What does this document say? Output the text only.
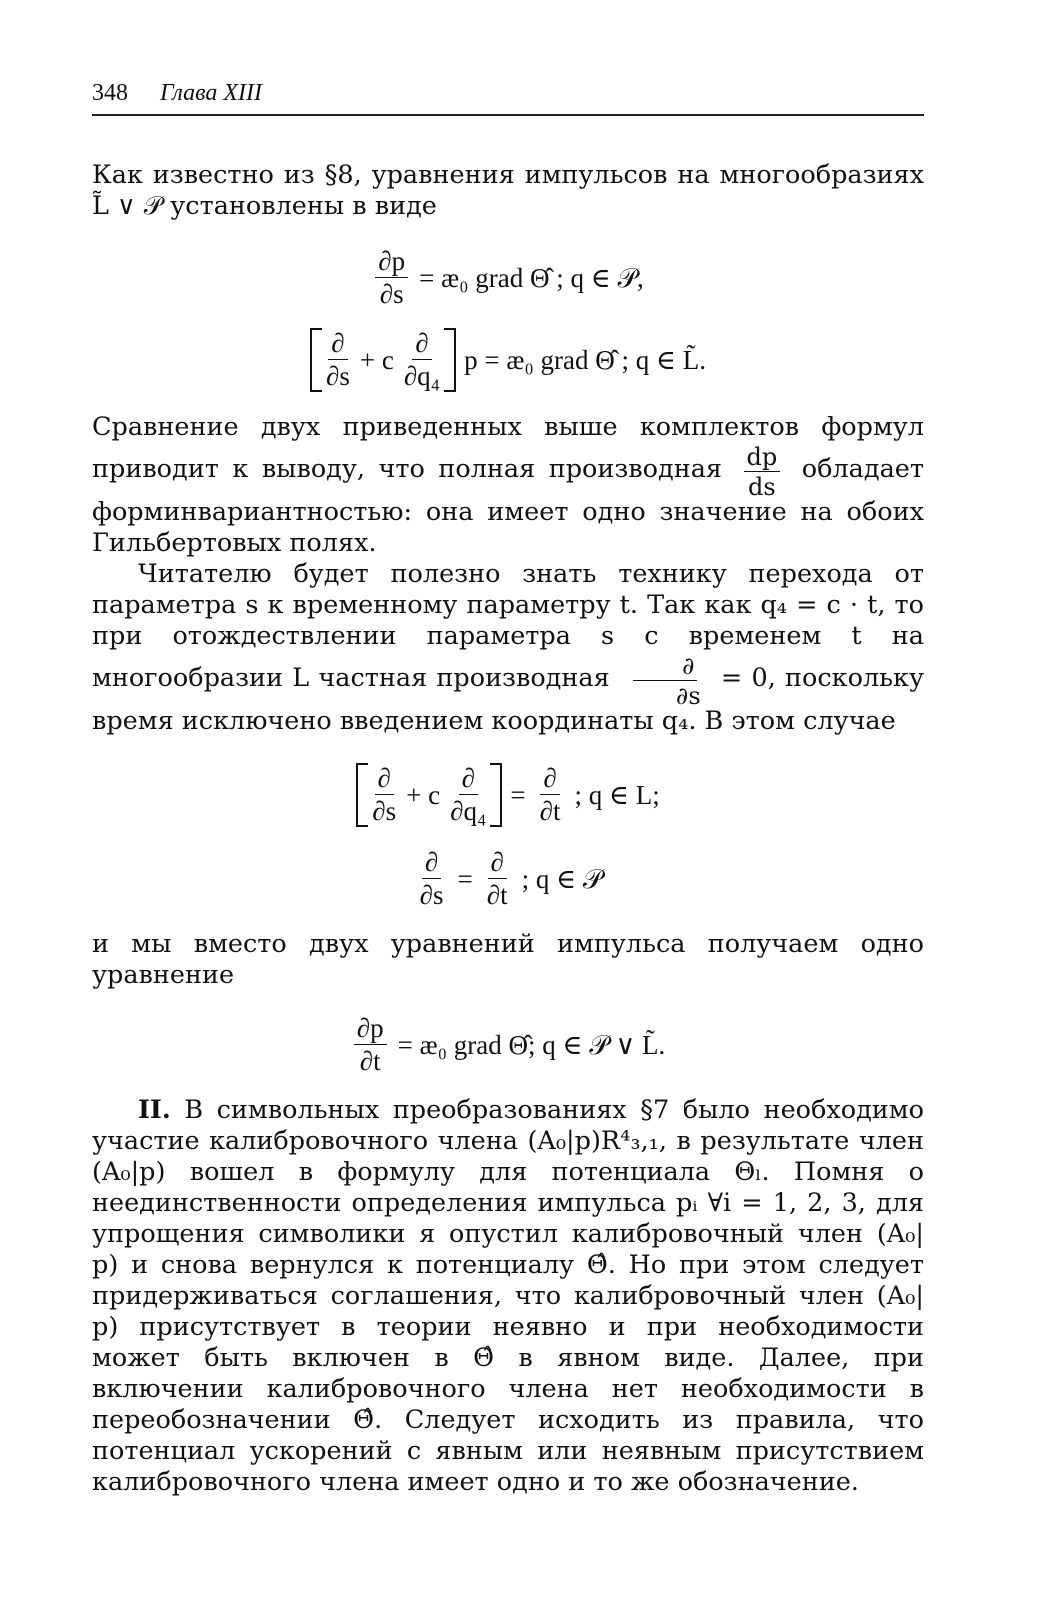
348 Глава XIII

Как известно из §8, уравнения импульсов на многообразиях L̃ ∨ 𝒫 установлены в виде

$\frac{\partial p}{\partial s}$ = æ₀ grad Θ̂ ; q ∈ 𝒫,
$\frac{\partial}{\partial s} + c \frac{\partial}{\text{∂q₄}}$ p = æ₀ grad Θ̂ ; q ∈ L̃.

Сравнение двух приведенных выше комплектов формул приводит к выводу, что полная производная $\frac{dp}{ds}$ обладает форминвариантностью: она имеет одно значение на обоих Гильбертовых полях.

Читателю будет полезно знать технику перехода от параметра s к временному параметру t. Так как q₄ = c · t, то при отождествлении параметра s с временем t на многообразии L частная производная $\frac{\partial}{\partial s} = 0$, поскольку время исключено введением координаты q₄. В этом случае

$\frac{\partial}{\partial s} + c \frac{\partial}{\text{∂q₄}} = \frac{\partial}{\partial t}$ ; q ∈ L;
$\frac{\partial}{\partial s} = \frac{\partial}{\partial t}$ ; q ∈ 𝒫

и мы вместо двух уравнений импульса получаем одно уравнение

$\frac{\partial p}{\partial t}$ = æ₀ grad Θ̂; q ∈ 𝒫 ∨ L̃.

II. В символьных преобразованиях §7 было необходимо участие калибровочного члена (A₀|p)R⁴₃,₁, в результате член (A₀|p) вошел в формулу для потенциала Θₗ. Помня о неединственности определения импульса pᵢ ∀i = 1, 2, 3, для упрощения символики я опустил калибровочный член (A₀| p) и снова вернулся к потенциалу Θ̂. Но при этом следует придерживаться соглашения, что калибровочный член (A₀| p) присутствует в теории неявно и при необходимости может быть включен в Θ̂ в явном виде. Далее, при включении калибровочного члена нет необходимости в переобозначении Θ̂. Следует исходить из правила, что потенциал ускорений с явным или неявным присутствием калибровочного члена имеет одно и то же обозначение.
